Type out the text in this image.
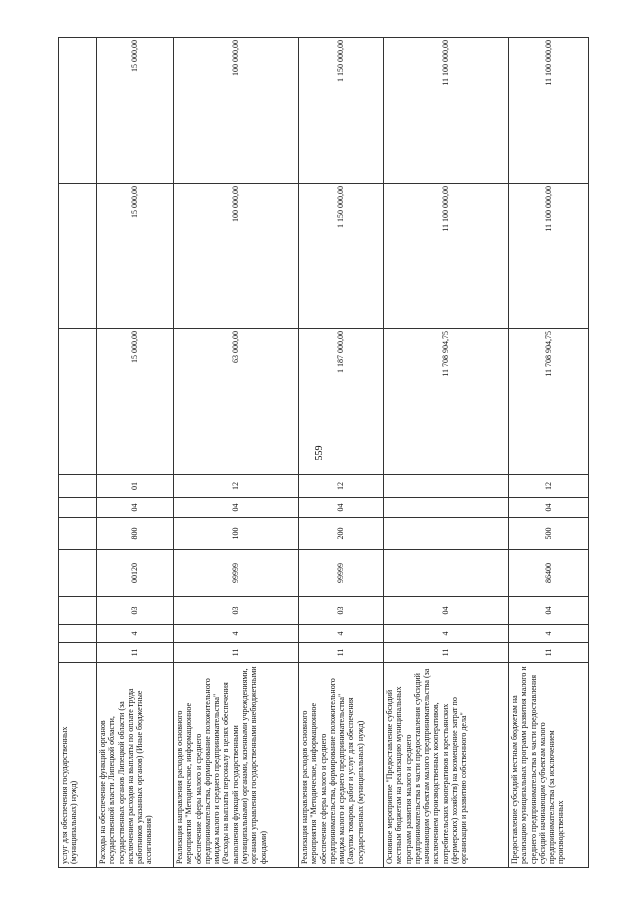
559
услуг для обеспечения государственных (муниципальных) нужд)										
Расходы на обеспечение функций органов государственной власти Липецкой области, государственных органов Липецкой области (за исключением расходов на выплаты по оплате труда работников указанных органов) (Иные бюджетные ассигнования)	11	4	03	00120	800	04	01	15 000,00	15 000,00	15 000,00
Реализация направления расходов основного мероприятия "Методическое, информационное обеспечение сферы малого и среднего предпринимательства, формирование положительного имиджа малого и среднего предпринимательства" (Расходы на выплаты персоналу в целях обеспечения выполнения функций государственными (муниципальными) органами, казенными учреждениями, органами управления государственными внебюджетными фондами)	11	4	03	99999	100	04	12	63 000,00	100 000,00	100 000,00
Реализация направления расходов основного мероприятия "Методическое, информационное обеспечение сферы малого и среднего предпринимательства, формирование положительного имиджа малого и среднего предпринимательства" (Закупка товаров, работ и услуг для обеспечения государственных (муниципальных) нужд)	11	4	03	99999	200	04	12	1 187 000,00	1 150 000,00	1 150 000,00
Основное мероприятие "Предоставление субсидий местным бюджетам на реализацию муниципальных программ развития малого и среднего предпринимательства в части предоставления субсидий начинающим субъектам малого предпринимательства (за исключением производственных кооперативов, потребительских кооперативов и крестьянских (фермерских) хозяйств) на возмещение затрат по организации и развитию собственного дела"	11	4	04					11 708 904,75	11 100 000,00	11 100 000,00
Предоставление субсидий местным бюджетам на реализацию муниципальных программ развития малого и среднего предпринимательства в части предоставления субсидий начинающим субъектам малого предпринимательства (за исключением производственных	11	4	04	86400	500	04	12	11 708 904,75	11 100 000,00	11 100 000,00
